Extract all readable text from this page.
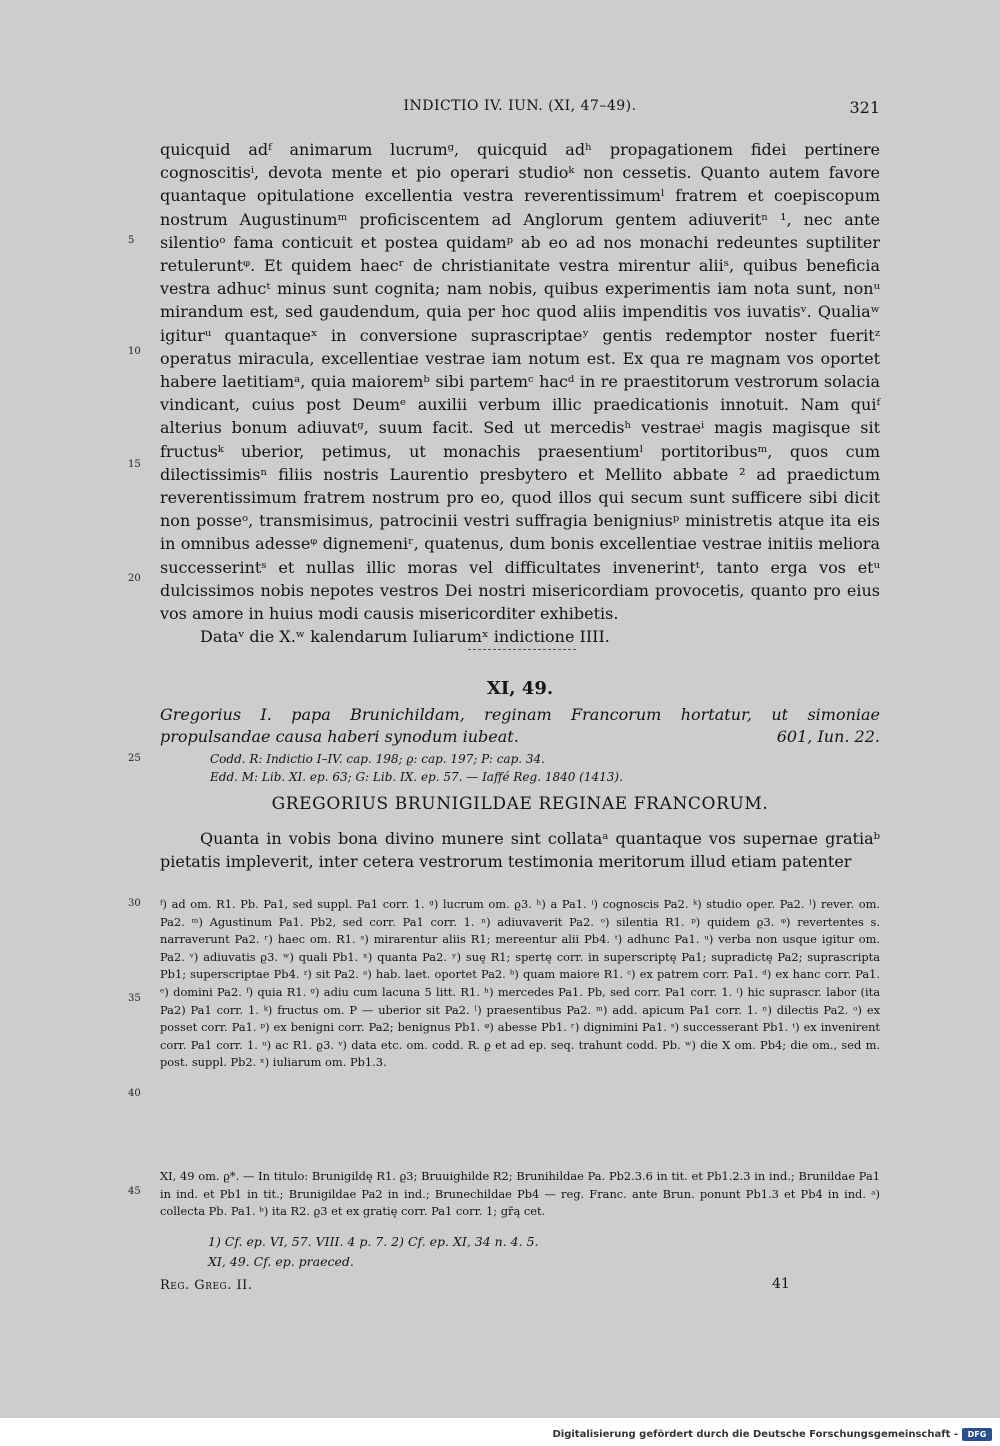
INDICTIO IV. IUN. (XI, 47–49).	321
5
10
15
20
25
30
35
40
45

quicquid adᶠ animarum lucrumᵍ, quicquid adʰ propagationem fidei pertinere cognoscitisⁱ, devota mente et pio operari studioᵏ non cessetis. Quanto autem favore quantaque opitulatione excellentia vestra reverentissimumˡ fratrem et coepiscopum nostrum Augustinumᵐ proficiscentem ad Anglorum gentem adiuveritⁿ ¹, nec ante silentioᵒ fama conticuit et postea quidamᵖ ab eo ad nos monachi redeuntes suptiliter retuleruntᵠ. Et quidem haecʳ de christianitate vestra mirentur aliiˢ, quibus beneficia vestra adhucᵗ minus sunt cognita; nam nobis, quibus experimentis iam nota sunt, nonᵘ mirandum est, sed gaudendum, quia per hoc quod aliis impenditis vos iuvatisᵛ. Qualiaʷ igiturᵘ quantaqueˣ in conversione suprascriptaeʸ gentis redemptor noster fueritᶻ operatus miracula, excellentiae vestrae iam notum est. Ex qua re magnam vos oportet habere laetitiamᵃ, quia maioremᵇ sibi partemᶜ hacᵈ in re praestitorum vestrorum solacia vindicant, cuius post Deumᵉ auxilii verbum illic praedicationis innotuit. Nam quiᶠ alterius bonum adiuvatᵍ, suum facit. Sed ut mercedisʰ vestraeⁱ magis magisque sit fructusᵏ uberior, petimus, ut monachis praesentiumˡ portitoribusᵐ, quos cum dilectissimisⁿ filiis nostris Laurentio presbytero et Mellito abbate ² ad praedictum reverentissimum fratrem nostrum pro eo, quod illos qui secum sunt sufficere sibi dicit non posseᵒ, transmisimus, patrocinii vestri suffragia benigniusᵖ ministretis atque ita eis in omnibus adesseᵠ dignemeniʳ, quatenus, dum bonis excellentiae vestrae initiis meliora successerintˢ et nullas illic moras vel difficultates invenerintᵗ, tanto erga vos etᵘ dulcissimos nobis nepotes vestros Dei nostri misericordiam provocetis, quanto pro eius vos amore in huius modi causis misericorditer exhibetis.

Dataᵛ die X.ʷ kalendarum Iuliarumˣ indictione IIII.

XI, 49.
Gregorius I. papa Brunichildam, reginam Francorum hortatur, ut simoniae propulsandae causa haberi synodum iubeat.	601, Iun. 22.
Codd. R: Indictio I–IV. cap. 198; ϱ: cap. 197; P: cap. 34.
Edd. M: Lib. XI. ep. 63; G: Lib. IX. ep. 57. — Iaffé Reg. 1840 (1413).
GREGORIUS BRUNIGILDAE REGINAE FRANCORUM.

Quanta in vobis bona divino munere sint collataᵃ quantaque vos supernae gratiaᵇ pietatis impleverit, inter cetera vestrorum testimonia meritorum illud etiam patenter

ᶠ) ad om. R1. Pb. Pa1, sed suppl. Pa1 corr. 1. ᵍ) lucrum om. ϱ3. ʰ) a Pa1. ⁱ) cognoscis Pa2. ᵏ) studio oper. Pa2. ˡ) rever. om. Pa2. ᵐ) Agustinum Pa1. Pb2, sed corr. Pa1 corr. 1. ⁿ) adiuvaverit Pa2. ᵒ) silentia R1. ᵖ) quidem ϱ3. ᵠ) revertentes s. narraverunt Pa2. ʳ) haec om. R1. ˢ) mirarentur aliis R1; mereentur alii Pb4. ᵗ) adhunc Pa1. ᵘ) verba non usque igitur om. Pa2. ᵛ) adiuvatis ϱ3. ʷ) quali Pb1. ˣ) quanta Pa2. ʸ) suę R1; spertę corr. in superscriptę Pa1; supradictę Pa2; suprascripta Pb1; superscriptae Pb4. ᶻ) sit Pa2. ᵃ) hab. laet. oportet Pa2. ᵇ) quam maiore R1. ᶜ) ex patrem corr. Pa1. ᵈ) ex hanc corr. Pa1. ᵉ) domini Pa2. ᶠ) quia R1. ᵍ) adiu cum lacuna 5 litt. R1. ʰ) mercedes Pa1. Pb, sed corr. Pa1 corr. 1. ⁱ) hic suprascr. labor (ita Pa2) Pa1 corr. 1. ᵏ) fructus om. P — uberior sit Pa2. ˡ) praesentibus Pa2. ᵐ) add. apicum Pa1 corr. 1. ⁿ) dilectis Pa2. ᵒ) ex posset corr. Pa1. ᵖ) ex benigni corr. Pa2; benignus Pb1. ᵠ) abesse Pb1. ʳ) dignimini Pa1. ˢ) successerant Pb1. ᵗ) ex invenirent corr. Pa1 corr. 1. ᵘ) ac R1. ϱ3. ᵛ) data etc. om. codd. R. ϱ et ad ep. seq. trahunt codd. Pb. ʷ) die X om. Pb4; die om., sed m. post. suppl. Pb2. ˣ) iuliarum om. Pb1.3.
XI, 49 om. ϱ*. — In titulo: Brunigildę R1. ϱ3; Bruuighilde R2; Brunihildae Pa. Pb2.3.6 in tit. et Pb1.2.3 in ind.; Brunildae Pa1 in ind. et Pb1 in tit.; Brunigildae Pa2 in ind.; Brunechildae Pb4 — reg. Franc. ante Brun. ponunt Pb1.3 et Pb4 in ind. ᵃ) collecta Pb. Pa1. ᵇ) ita R2. ϱ3 et ex gratię corr. Pa1 corr. 1; gr̄ą cet.
1) Cf. ep. VI, 57. VIII. 4 p. 7. 2) Cf. ep. XI, 34 n. 4. 5.
XI, 49. Cf. ep. praeced.
Reg. Greg. II.	41
Digitalisierung gefördert durch die Deutsche Forschungsgemeinschaft -	DFG
